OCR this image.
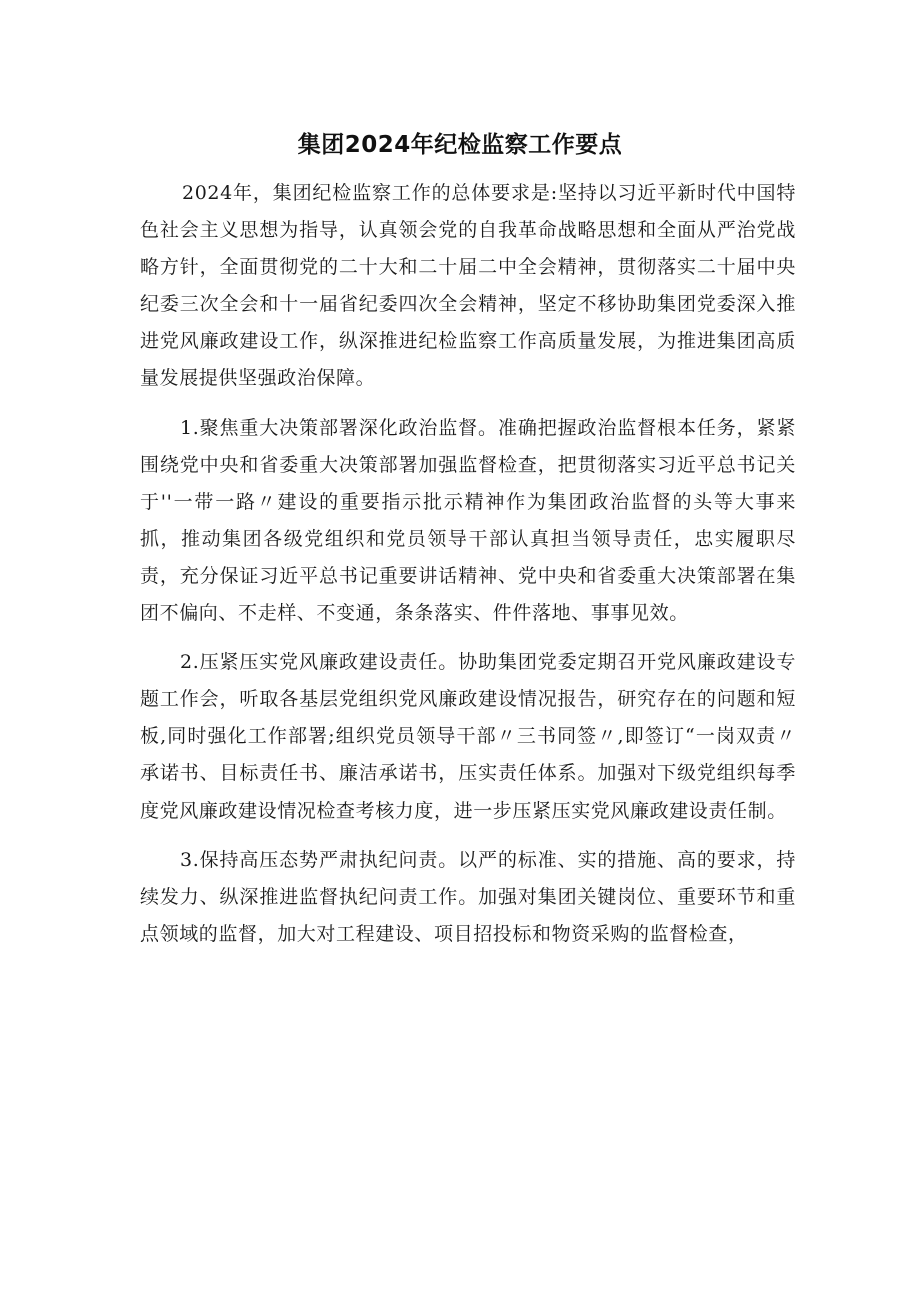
集团2024年纪检监察工作要点

2024年，集团纪检监察工作的总体要求是:坚持以习近平新时代中国特色社会主义思想为指导，认真领会党的自我革命战略思想和全面从严治党战略方针，全面贯彻党的二十大和二十届二中全会精神，贯彻落实二十届中央纪委三次全会和十一届省纪委四次全会精神，坚定不移协助集团党委深入推进党风廉政建设工作，纵深推进纪检监察工作高质量发展，为推进集团高质量发展提供坚强政治保障。

1.聚焦重大决策部署深化政治监督。准确把握政治监督根本任务，紧紧围绕党中央和省委重大决策部署加强监督检查，把贯彻落实习近平总书记关于''一带一路〃建设的重要指示批示精神作为集团政治监督的头等大事来抓，推动集团各级党组织和党员领导干部认真担当领导责任，忠实履职尽责，充分保证习近平总书记重要讲话精神、党中央和省委重大决策部署在集团不偏向、不走样、不变通，条条落实、件件落地、事事见效。

2.压紧压实党风廉政建设责任。协助集团党委定期召开党风廉政建设专题工作会，听取各基层党组织党风廉政建设情况报告，研究存在的问题和短板,同时强化工作部署;组织党员领导干部〃三书同签〃,即签订“一岗双责〃承诺书、目标责任书、廉洁承诺书，压实责任体系。加强对下级党组织每季度党风廉政建设情况检查考核力度，进一步压紧压实党风廉政建设责任制。

3.保持高压态势严肃执纪问责。以严的标准、实的措施、高的要求，持续发力、纵深推进监督执纪问责工作。加强对集团关键岗位、重要环节和重点领域的监督，加大对工程建设、项目招投标和物资采购的监督检查，
